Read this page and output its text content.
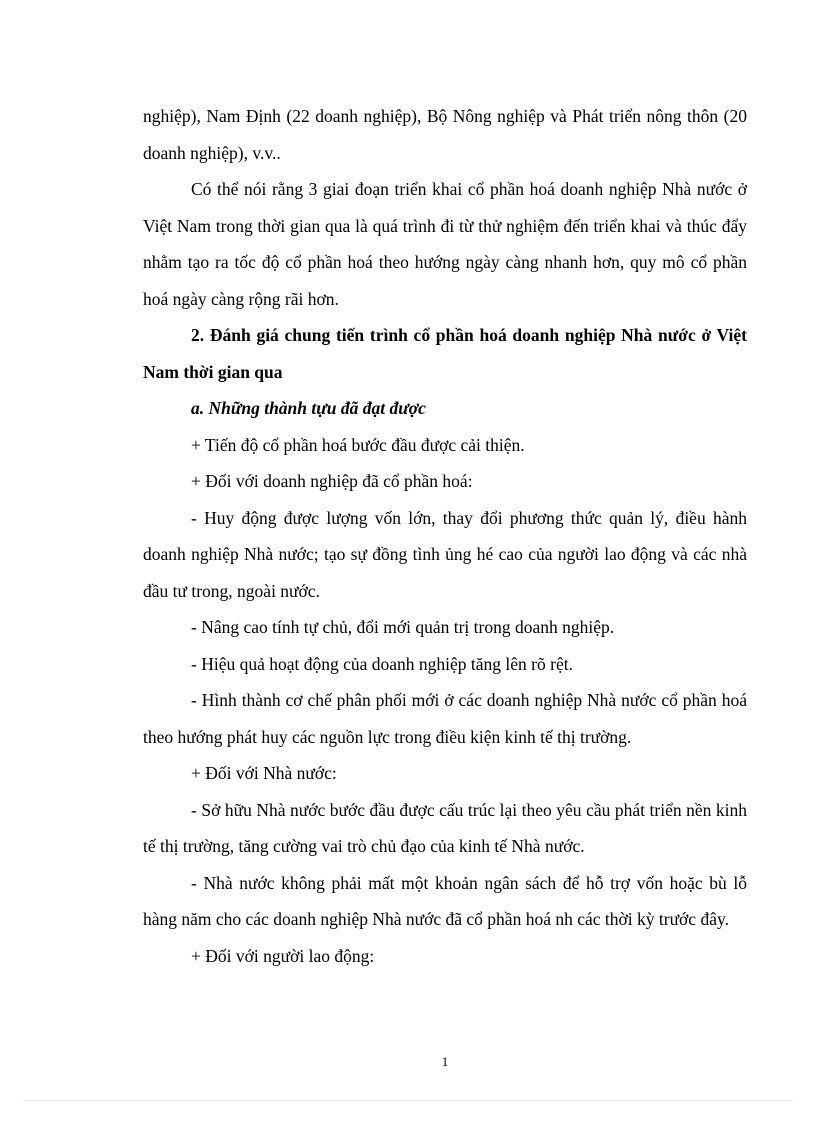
nghiệp), Nam Định (22 doanh nghiệp), Bộ Nông nghiệp và Phát triển nông thôn (20 doanh nghiệp), v.v..

Có thể nói rằng 3 giai đoạn triển khai cổ phần hoá doanh nghiệp Nhà nước ở Việt Nam trong thời gian qua là quá trình đi từ thử nghiệm đến triển khai và thúc đẩy nhằm tạo ra tốc độ cổ phần hoá theo hướng ngày càng nhanh hơn, quy mô cổ phần hoá ngày càng rộng rãi hơn.

2. Đánh giá chung tiến trình cổ phần hoá doanh nghiệp Nhà nước ở Việt Nam thời gian qua

a. Những thành tựu đã đạt được

+ Tiến độ cổ phần hoá bước đầu được cải thiện.

+ Đối với doanh nghiệp đã cổ phần hoá:

- Huy động được lượng vốn lớn, thay đổi phương thức quản lý, điều hành doanh nghiệp Nhà nước; tạo sự đồng tình ủng hé cao của người lao động và các nhà đầu tư trong, ngoài nước.

- Nâng cao tính tự chủ, đổi mới quản trị trong doanh nghiệp.

- Hiệu quả hoạt động của doanh nghiệp tăng lên rõ rệt.

- Hình thành cơ chế phân phối mới ở các doanh nghiệp Nhà nước cổ phần hoá theo hướng phát huy các nguồn lực trong điều kiện kinh tế thị trường.

+ Đối với Nhà nước:

- Sở hữu Nhà nước bước đầu được cấu trúc lại theo yêu cầu phát triển nền kinh tế thị trường, tăng cường vai trò chủ đạo của kinh tế Nhà nước.

- Nhà nước không phải mất một khoản ngân sách để hỗ trợ vốn hoặc bù lỗ hàng năm cho các doanh nghiệp Nhà nước đã cổ phần hoá nh các thời kỳ trước đây.

+ Đối với người lao động:

1
